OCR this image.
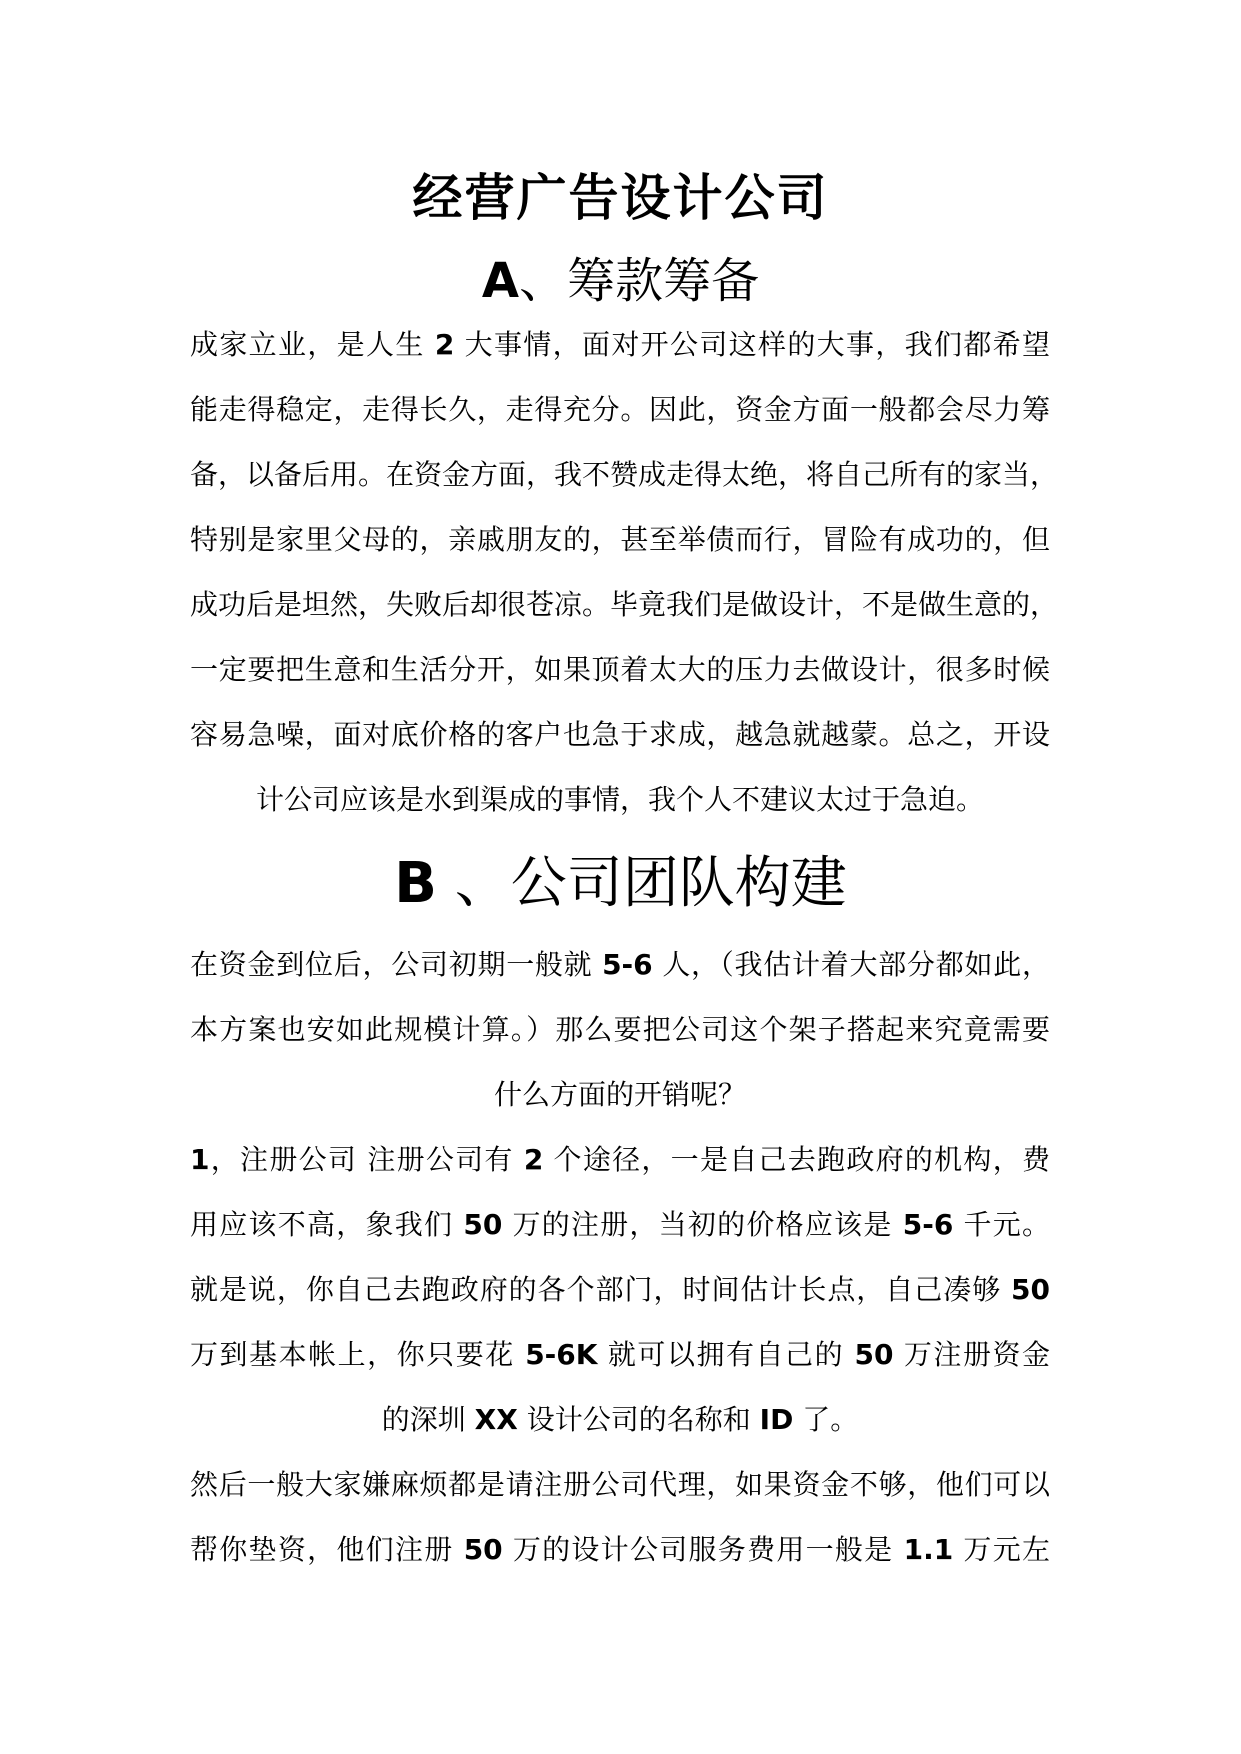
经营广告设计公司
A、筹款筹备
成家立业，是人生 2 大事情，面对开公司这样的大事，我们都希望
能走得稳定，走得长久，走得充分。因此，资金方面一般都会尽力筹
备，以备后用。在资金方面，我不赞成走得太绝，将自己所有的家当，
特别是家里父母的，亲戚朋友的，甚至举债而行，冒险有成功的，但
成功后是坦然，失败后却很苍凉。毕竟我们是做设计，不是做生意的，
一定要把生意和生活分开，如果顶着太大的压力去做设计，很多时候
容易急噪，面对底价格的客户也急于求成，越急就越蒙。总之，开设
计公司应该是水到渠成的事情，我个人不建议太过于急迫。
B 、公司团队构建
在资金到位后，公司初期一般就 5-6 人，（我估计着大部分都如此，
本方案也安如此规模计算。）那么要把公司这个架子搭起来究竟需要
什么方面的开销呢？
1，注册公司 注册公司有 2 个途径，一是自己去跑政府的机构，费
用应该不高，象我们 50 万的注册，当初的价格应该是 5-6 千元。
就是说，你自己去跑政府的各个部门，时间估计长点，自己凑够 50
万到基本帐上，你只要花 5-6K 就可以拥有自己的 50 万注册资金
的深圳 XX 设计公司的名称和 ID 了。
然后一般大家嫌麻烦都是请注册公司代理，如果资金不够，他们可以
帮你垫资，他们注册 50 万的设计公司服务费用一般是 1.1 万元左
